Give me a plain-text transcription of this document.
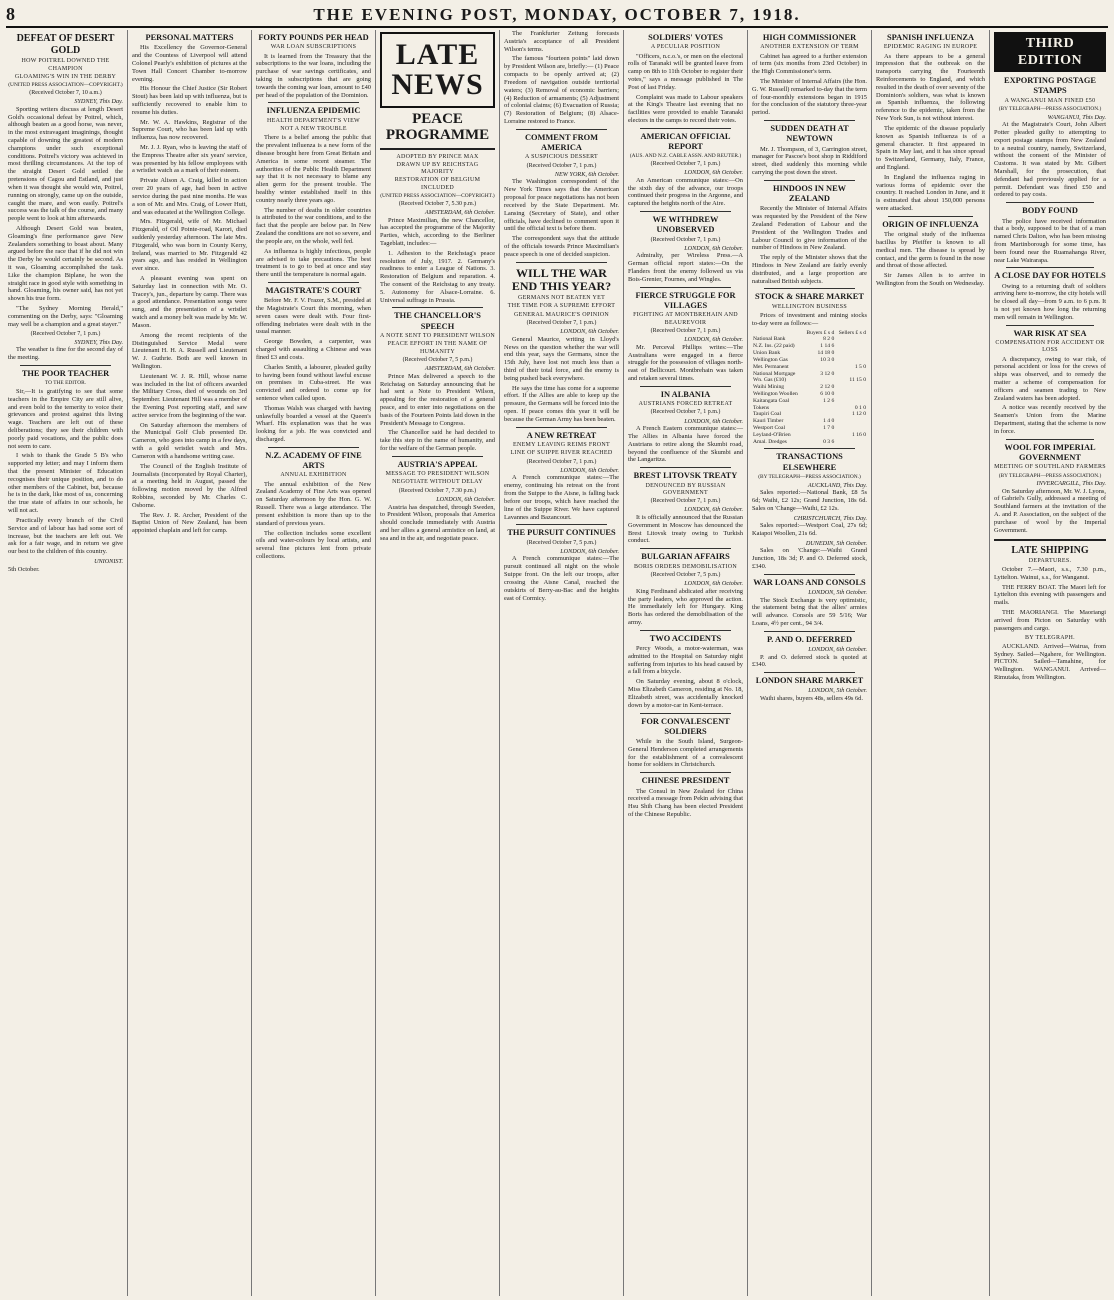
8	THE EVENING POST, MONDAY, OCTOBER 7, 1918.
DEFEAT OF DESERT GOLD
HOW POITREL DOWNED THE CHAMPION
GLOAMING'S WIN IN THE DERBY
(UNITED PRESS ASSOCIATION—COPYRIGHT.)
(Received October 7, 10 a.m.)
SYDNEY, This Day.

Sporting writers discuss at length Desert Gold's occasional defeat by Poitrel, which, although beaten as a good horse, was never, in the most extravagant imaginings, thought capable of downing the greatest of modern champions under such exceptional conditions. Poitrel's victory was achieved in most thrilling circumstances. At the top of the straight Desert Gold settled the pretensions of Cagou and Estland, and just when it was thought she would win, Poitrel, running on strongly, came up on the outside, caught the mare, and won easily. Poitrel's success was the talk of the course, and many people went to look at him afterwards.

Although Desert Gold was beaten, Gloaming's fine performance gave New Zealanders something to boast about. Many argued before the race that if he did not win the Derby he would certainly be second. As it was, Gloaming accomplished the task. Like the champion Biplane, he won the straight race in good style with something in hand. Gloaming, his owner said, has not yet shown his true form.

"The Sydney Morning Herald," commenting on the Derby, says: "Gloaming may well be a champion and a great stayer."

(Received October 7, 1 p.m.)
SYDNEY, This Day.

The weather is fine for the second day of the meeting.

THE POOR TEACHER
TO THE EDITOR.

Sir,—It is gratifying to see that some teachers in the Empire City are still alive, and even bold to the temerity to voice their grievances and protest against this living wage. Teachers are left out of these deliberations; they see their children with poorly paid vocations, and the public does not seem to care.

I wish to thank the Grade 5 B's who supported my letter; and may I inform them that the present Minister of Education recognises their unique position, and to do other members of the Cabinet, but, because he is in the dark, like most of us, concerning the true state of affairs in our schools, he will not act.

Practically every branch of the Civil Service and of labour has had some sort of increase, but the teachers are left out. We ask for a fair wage, and in return we give our best to the children of this country.

UNIONIST.
5th October.
PERSONAL MATTERS

His Excellency the Governor-General and the Countess of Liverpool will attend Colonel Pearly's exhibition of pictures at the Town Hall Concert Chamber to-morrow evening.

His Honour the Chief Justice (Sir Robert Stout) has been laid up with influenza, but is sufficiently recovered to enable him to resume his duties.

Mr. W. A. Hawkins, Registrar of the Supreme Court, who has been laid up with influenza, has now recovered.

Mr. J. J. Ryan, who is leaving the staff of the Empress Theatre after six years' service, was presented by his fellow employees with a wristlet watch as a mark of their esteem.

Private Alison A. Craig, killed in action over 20 years of age, had been in active service during the past nine months. He was a son of Mr. and Mrs. Craig, of Lower Hutt, and was educated at the Wellington College.

Mrs. Fitzgerald, wife of Mr. Michael Fitzgerald, of Oil Pointe-road, Karori, died suddenly yesterday afternoon. The late Mrs. Fitzgerald, who was born in County Kerry, Ireland, was married to Mr. Fitzgerald 42 years ago, and has resided in Wellington ever since.

A pleasant evening was spent on Saturday last in connection with Mr. O. Tracey's, jun., departure by camp. There was a good attendance. Presentation songs were sung, and the presentation of a wristlet watch and a money belt was made by Mr. W. Mason.

Among the recent recipients of the Distinguished Service Medal were Lieutenant H. H. A. Russell and Lieutenant W. J. Guthrie. Both are well known in Wellington.

Lieutenant W. J. R. Hill, whose name was included in the list of officers awarded the Military Cross, died of wounds on 3rd September. Lieutenant Hill was a member of the Evening Post reporting staff, and saw active service from the beginning of the war.

On Saturday afternoon the members of the Municipal Golf Club presented Dr. Cameron, who goes into camp in a few days, with a gold wristlet watch and Mrs. Cameron with a handsome writing case.

The Council of the English Institute of Journalists (incorporated by Royal Charter), at a meeting held in August, passed the following motion moved by the Alfred Robbins, seconded by Mr. Charles C. Osborne.

The Rev. J. R. Archer, President of the Baptist Union of New Zealand, has been appointed chaplain and left for camp.

FORTY POUNDS PER HEAD
WAR LOAN SUBSCRIPTIONS

It is learned from the Treasury that the subscriptions to the war loans, including the purchase of war savings certificates, and taking in subscriptions that are going towards the coming war loan, amount to £40 per head of the population of the Dominion.

INFLUENZA EPIDEMIC
HEALTH DEPARTMENT'S VIEW
NOT A NEW TROUBLE

There is a belief among the public that the prevalent influenza is a new form of the disease brought here from Great Britain and America in some recent steamer. The authorities of the Public Health Department say that it is not necessary to blame any alien germ for the present trouble. The healthy winter established itself in this country nearly three years ago.

The number of deaths in older countries is attributed to the war conditions, and to the fact that the people are below par. In New Zealand the conditions are not so severe, and the people are, on the whole, well fed.

As influenza is highly infectious, people are advised to take precautions. The best treatment is to go to bed at once and stay there until the temperature is normal again.

MAGISTRATE'S COURT

Before Mr. F. V. Frazer, S.M., presided at the Magistrate's Court this morning, when seven cases were dealt with. Four first-offending inebriates were dealt with in the usual manner.

George Bowden, a carpenter, was charged with assaulting a Chinese and was fined £3 and costs.

Charles Smith, a labourer, pleaded guilty to having been found without lawful excuse on premises in Cuba-street. He was convicted and ordered to come up for sentence when called upon.

Thomas Walsh was charged with having unlawfully boarded a vessel at the Queen's Wharf. His explanation was that he was looking for a job. He was convicted and discharged.

N.Z. ACADEMY OF FINE ARTS
ANNUAL EXHIBITION

The annual exhibition of the New Zealand Academy of Fine Arts was opened on Saturday afternoon by the Hon. G. W. Russell. There was a large attendance. The present exhibition is more than up to the standard of previous years.

The collection includes some excellent oils and water-colours by local artists, and several fine pictures lent from private collections.

LATE NEWS
PEACE PROGRAMME
ADOPTED BY PRINCE MAX
DRAWN UP BY REICHSTAG MAJORITY
RESTORATION OF BELGIUM INCLUDED
(UNITED PRESS ASSOCIATION—COPYRIGHT.)
(Received October 7, 5.30 p.m.)
AMSTERDAM, 6th October.

Prince Maximilian, the new Chancellor, has accepted the programme of the Majority Parties, which, according to the Berliner Tageblatt, includes:—

1. Adhesion to the Reichstag's peace resolution of July, 1917. 2. Germany's readiness to enter a League of Nations. 3. Restoration of Belgium and reparation. 4. The consent of the Reichstag to any treaty. 5. Autonomy for Alsace-Lorraine. 6. Universal suffrage in Prussia.

THE CHANCELLOR'S SPEECH
A NOTE SENT TO PRESIDENT WILSON
PEACE EFFORT IN THE NAME OF HUMANITY
(Received October 7, 5 p.m.)
AMSTERDAM, 6th October.

Prince Max delivered a speech to the Reichstag on Saturday announcing that he had sent a Note to President Wilson, appealing for the restoration of a general peace, and to enter into negotiations on the basis of the Fourteen Points laid down in the President's Message to Congress.

The Chancellor said he had decided to take this step in the name of humanity, and for the welfare of the German people.

AUSTRIA'S APPEAL
MESSAGE TO PRESIDENT WILSON
NEGOTIATE WITHOUT DELAY
(Received October 7, 7.30 p.m.)
LONDON, 6th October.

Austria has despatched, through Sweden, to President Wilson, proposals that America should conclude immediately with Austria and her allies a general armistice on land, at sea and in the air, and negotiate peace.

The Frankfurter Zeitung forecasts Austria's acceptance of all President Wilson's terms.

The famous "fourteen points" laid down by President Wilson are, briefly:— (1) Peace compacts to be openly arrived at; (2) Freedom of navigation outside territorial waters; (3) Removal of economic barriers; (4) Reduction of armaments; (5) Adjustment of colonial claims; (6) Evacuation of Russia; (7) Restoration of Belgium; (8) Alsace-Lorraine restored to France.

COMMENT FROM AMERICA
A SUSPICIOUS DESSERT
(Received October 7, 1 p.m.)
NEW YORK, 6th October.

The Washington correspondent of the New York Times says that the American proposal for peace negotiations has not been received by the State Department. Mr. Lansing (Secretary of State), and other officials, have declined to comment upon it until the official text is before them.

The correspondent says that the attitude of the officials towards Prince Maximilian's peace speech is one of decided suspicion.

WILL THE WAR END THIS YEAR?
GERMANS NOT BEATEN YET
THE TIME FOR A SUPREME EFFORT
GENERAL MAURICE'S OPINION
(Received October 7, 1 p.m.)
LONDON, 6th October.

General Maurice, writing in Lloyd's News on the question whether the war will end this year, says the Germans, since the 15th July, have lost not much less than a third of their total force, and the enemy is being pushed back everywhere.

He says the time has come for a supreme effort. If the Allies are able to keep up the pressure, the Germans will be forced into the open. If peace comes this year it will be because the German Army has been beaten.

A NEW RETREAT
ENEMY LEAVING REIMS FRONT
LINE OF SUIPPE RIVER REACHED
(Received October 7, 1 p.m.)
LONDON, 6th October.

A French communique states:—The enemy, continuing his retreat on the front from the Suippe to the Aisne, is falling back before our troops, which have reached the line of the Suippe River. We have captured Lavannes and Bazancourt.

THE PURSUIT CONTINUES
(Received October 7, 5 p.m.)
LONDON, 6th October.

A French communique states:—The pursuit continued all night on the whole Suippe front. On the left our troops, after crossing the Aisne Canal, reached the outskirts of Berry-au-Bac and the heights east of Cormicy.

SOLDIERS' VOTES
A PECULIAR POSITION

"Officers, n.c.o.'s, or men on the electoral rolls of Taranaki will be granted leave from camp on 8th to 11th October to register their votes," says a message published in The Post of last Friday.

Complaint was made to Labour speakers at the King's Theatre last evening that no facilities were provided to enable Taranaki electors in the camps to record their votes.

AMERICAN OFFICIAL REPORT
(AUS. AND N.Z. CABLE ASSN. AND REUTER.)
(Received October 7, 1 p.m.)
LONDON, 6th October.

An American communique states:—On the sixth day of the advance, our troops continued their progress in the Argonne, and captured the heights north of the Aire.

WE WITHDREW UNOBSERVED
(Received October 7, 1 p.m.)
LONDON, 6th October.

Admiralty, per Wireless Press.—A German official report states:—On the Flanders front the enemy followed us via Bois-Grenier, Fournes, and Wingles.

FIERCE STRUGGLE FOR VILLAGES
FIGHTING AT MONTBREHAIN AND BEAUREVOIR
(Received October 7, 1 p.m.)
LONDON, 6th October.

Mr. Perceval Phillips writes:—The Australians were engaged in a fierce struggle for the possession of villages north-east of Bellicourt. Montbrehain was taken and retaken several times.

IN ALBANIA
AUSTRIANS FORCED RETREAT
(Received October 7, 1 p.m.)
LONDON, 6th October.

A French Eastern communique states:—The Allies in Albania have forced the Austrians to retire along the Skumbi road, beyond the confluence of the Skumbi and the Langaritza.

BREST LITOVSK TREATY
DENOUNCED BY RUSSIAN GOVERNMENT
(Received October 7, 1 p.m.)
LONDON, 6th October.

It is officially announced that the Russian Government in Moscow has denounced the Brest Litovsk treaty owing to Turkish conduct.

BULGARIAN AFFAIRS
BORIS ORDERS DEMOBILISATION
(Received October 7, 5 p.m.)
LONDON, 6th October.

King Ferdinand abdicated after receiving the party leaders, who approved the action. He immediately left for Hungary. King Boris has ordered the demobilisation of the army.

TWO ACCIDENTS

Percy Woods, a motor-waterman, was admitted to the Hospital on Saturday night suffering from injuries to his head caused by a fall from a bicycle.

On Saturday evening, about 8 o'clock, Miss Elizabeth Cameron, residing at No. 18, Elizabeth street, was accidentally knocked down by a motor-car in Kent-terrace.

FOR CONVALESCENT SOLDIERS

While in the South Island, Surgeon-General Henderson completed arrangements for the establishment of a convalescent home for soldiers in Christchurch.

CHINESE PRESIDENT

The Consul in New Zealand for China received a message from Pekin advising that Hsu Shih Chang has been elected President of the Chinese Republic.

HIGH COMMISSIONER
ANOTHER EXTENSION OF TERM

Cabinet has agreed to a further extension of term (six months from 23rd October) in the High Commissioner's term.

The Minister of Internal Affairs (the Hon. G. W. Russell) remarked to-day that the term of four-monthly extensions began in 1915 for the conclusion of the statutory three-year period.

SUDDEN DEATH AT NEWTOWN

Mr. J. Thompson, of 3, Carrington street, manager for Pascoe's boot shop in Riddiford street, died suddenly this morning while carrying the post down the street.

HINDOOS IN NEW ZEALAND

Recently the Minister of Internal Affairs was requested by the President of the New Zealand Federation of Labour and the President of the Wellington Trades and Labour Council to give information of the number of Hindoos in New Zealand.

The reply of the Minister shows that the Hindoos in New Zealand are fairly evenly distributed, and a large proportion are naturalised British subjects.

STOCK & SHARE MARKET
WELLINGTON BUSINESS

Prices of investment and mining stocks to-day were as follows:—

	Buyers £ s d	Sellers £ s d
National Bank	8 2 0	
N.Z. Ins. (22 paid)	1 14 6	
Union Bank	14 18 0	
Wellington Gas	10 3 0	
Met. Permanent		1 5 0
National Mortgage	3 12 0	
Wn. Gas (£10)		11 15 0
Waihi Mining	2 12 0	
Wellington Woollen	6 10 0	
Kaitangata Coal	1 2 6	
Tokens		0 1 0
Taupiri Coal		1 12 0
Kauri Timber	1 4 0	
Westport Coal	1 7 0	
Leyland-O'Brien		1 16 0
Amal. Dredges	0 3 6	
TRANSACTIONS ELSEWHERE
(BY TELEGRAPH—PRESS ASSOCIATION.)
AUCKLAND, This Day.

Sales reported:—National Bank, £8 5s 6d; Waihi, £2 12s; Grand Junction, 18s 6d. Sales on 'Change—Waihi, £2 12s.

CHRISTCHURCH, This Day.

Sales reported:—Westport Coal, 27s 6d; Kaiapoi Woollen, 21s 6d.

DUNEDIN, 5th October.

Sales on 'Change:—Waihi Grand Junction, 18s 3d; P. and O. Deferred stock, £340.

WAR LOANS AND CONSOLS
LONDON, 5th October.

The Stock Exchange is very optimistic, the statement being that the allies' armies will advance. Consols are 59 5/16; War Loans, 4½ per cent., 94 3/4.

P. AND O. DEFERRED
LONDON, 6th October.

P. and O. deferred stock is quoted at £340.

LONDON SHARE MARKET
LONDON, 5th October.

Waihi shares, buyers 48s, sellers 49s 6d.

SPANISH INFLUENZA
EPIDEMIC RAGING IN EUROPE

As there appears to be a general impression that the outbreak on the transports carrying the Fourteenth Reinforcements to England, and which resulted in the death of over seventy of the Dominion's soldiers, was what is known as Spanish influenza, the following reference to the epidemic, taken from the New York Sun, is not without interest.

The epidemic of the disease popularly known as Spanish influenza is of a general character. It first appeared in Spain in May last, and it has since spread to Switzerland, Germany, Italy, France, and England.

In England the influenza raging in various forms of epidemic over the country. It reached London in June, and it is estimated that about 150,000 persons were attacked.

ORIGIN OF INFLUENZA

The original study of the influenza bacillus by Pfeiffer is known to all medical men. The disease is spread by contact, and the germ is found in the nose and throat of those affected.

Sir James Allen is to arrive in Wellington from the South on Wednesday.

THIRD EDITION
EXPORTING POSTAGE STAMPS
A WANGANUI MAN FINED £50
(BY TELEGRAPH—PRESS ASSOCIATION.)
WANGANUI, This Day.

At the Magistrate's Court, John Albert Potter pleaded guilty to attempting to export postage stamps from New Zealand to a neutral country, namely, Switzerland, without the consent of the Minister of Customs. It was stated by Mr. Gilbert Marshall, for the prosecution, that defendant had previously applied for a permit. Defendant was fined £50 and ordered to pay costs.

BODY FOUND

The police have received information that a body, supposed to be that of a man named Chris Dalton, who has been missing from Martinborough for some time, has been found near the Ruamahanga River, near Lake Wairarapa.

A CLOSE DAY FOR HOTELS

Owing to a returning draft of soldiers arriving here to-morrow, the city hotels will be closed all day—from 9 a.m. to 6 p.m. It is not yet known how long the returning men will remain in Wellington.

WAR RISK AT SEA
COMPENSATION FOR ACCIDENT OR LOSS

A discrepancy, owing to war risk, of personal accident or loss for the crews of ships was observed, and to remedy the matter a scheme of compensation for officers and seamen trading to New Zealand waters has been adopted.

A notice was recently received by the Seamen's Union from the Marine Department, stating that the scheme is now in force.

WOOL FOR IMPERIAL GOVERNMENT
MEETING OF SOUTHLAND FARMERS
(BY TELEGRAPH—PRESS ASSOCIATION.)
INVERCARGILL, This Day.

On Saturday afternoon, Mr. W. J. Lyons, of Gabriel's Gully, addressed a meeting of Southland farmers at the invitation of the A. and P. Association, on the subject of the purchase of wool by the Imperial Government.

LATE SHIPPING
DEPARTURES.

October 7.—Maori, s.s., 7.30 p.m., Lyttelton. Wainui, s.s., for Wanganui.

THE FERRY BOAT. The Maori left for Lyttelton this evening with passengers and mails.

THE MAORIANGI. The Maoriangi arrived from Picton on Saturday with passengers and cargo.

BY TELEGRAPH.

AUCKLAND. Arrived—Wairua, from Sydney. Sailed—Ngahere, for Wellington. PICTON. Sailed—Tamahine, for Wellington. WANGANUI. Arrived—Rimutaka, from Wellington.
